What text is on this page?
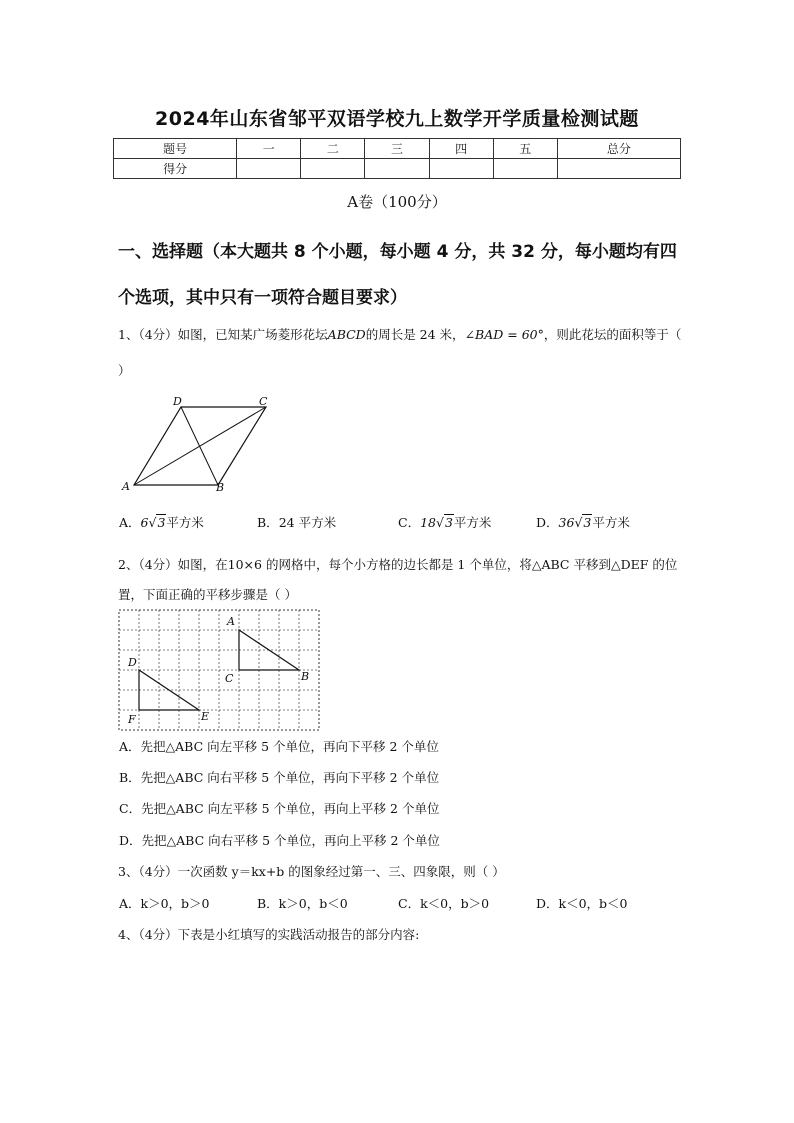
2024年山东省邹平双语学校九上数学开学质量检测试题
题号	一	二	三	四	五	总分
得分						
A卷（100分）
一、选择题（本大题共 8 个小题，每小题 4 分，共 32 分，每小题均有四个选项，其中只有一项符合题目要求）
1、（4分）如图，已知某广场菱形花坛ABCD的周长是 24 米，∠BAD = 60°，则此花坛的面积等于（ ）
A	B
C
D
A．6√3平方米	B．24 平方米	C．18√3平方米	D．36√3平方米
2、（4分）如图，在10×6 的网格中，每个小方格的边长都是 1 个单位，将△ABC 平移到△DEF 的位置，下面正确的平移步骤是（ ）
A
B
C
D
E
F
A．先把△ABC 向左平移 5 个单位，再向下平移 2 个单位
B．先把△ABC 向右平移 5 个单位，再向下平移 2 个单位
C．先把△ABC 向左平移 5 个单位，再向上平移 2 个单位
D．先把△ABC 向右平移 5 个单位，再向上平移 2 个单位
3、（4分）一次函数 y＝kx+b 的图象经过第一、三、四象限，则（ ）
A．k＞0，b＞0	B．k＞0，b＜0	C．k＜0，b＞0	D．k＜0，b＜0
4、（4分）下表是小红填写的实践活动报告的部分内容:
